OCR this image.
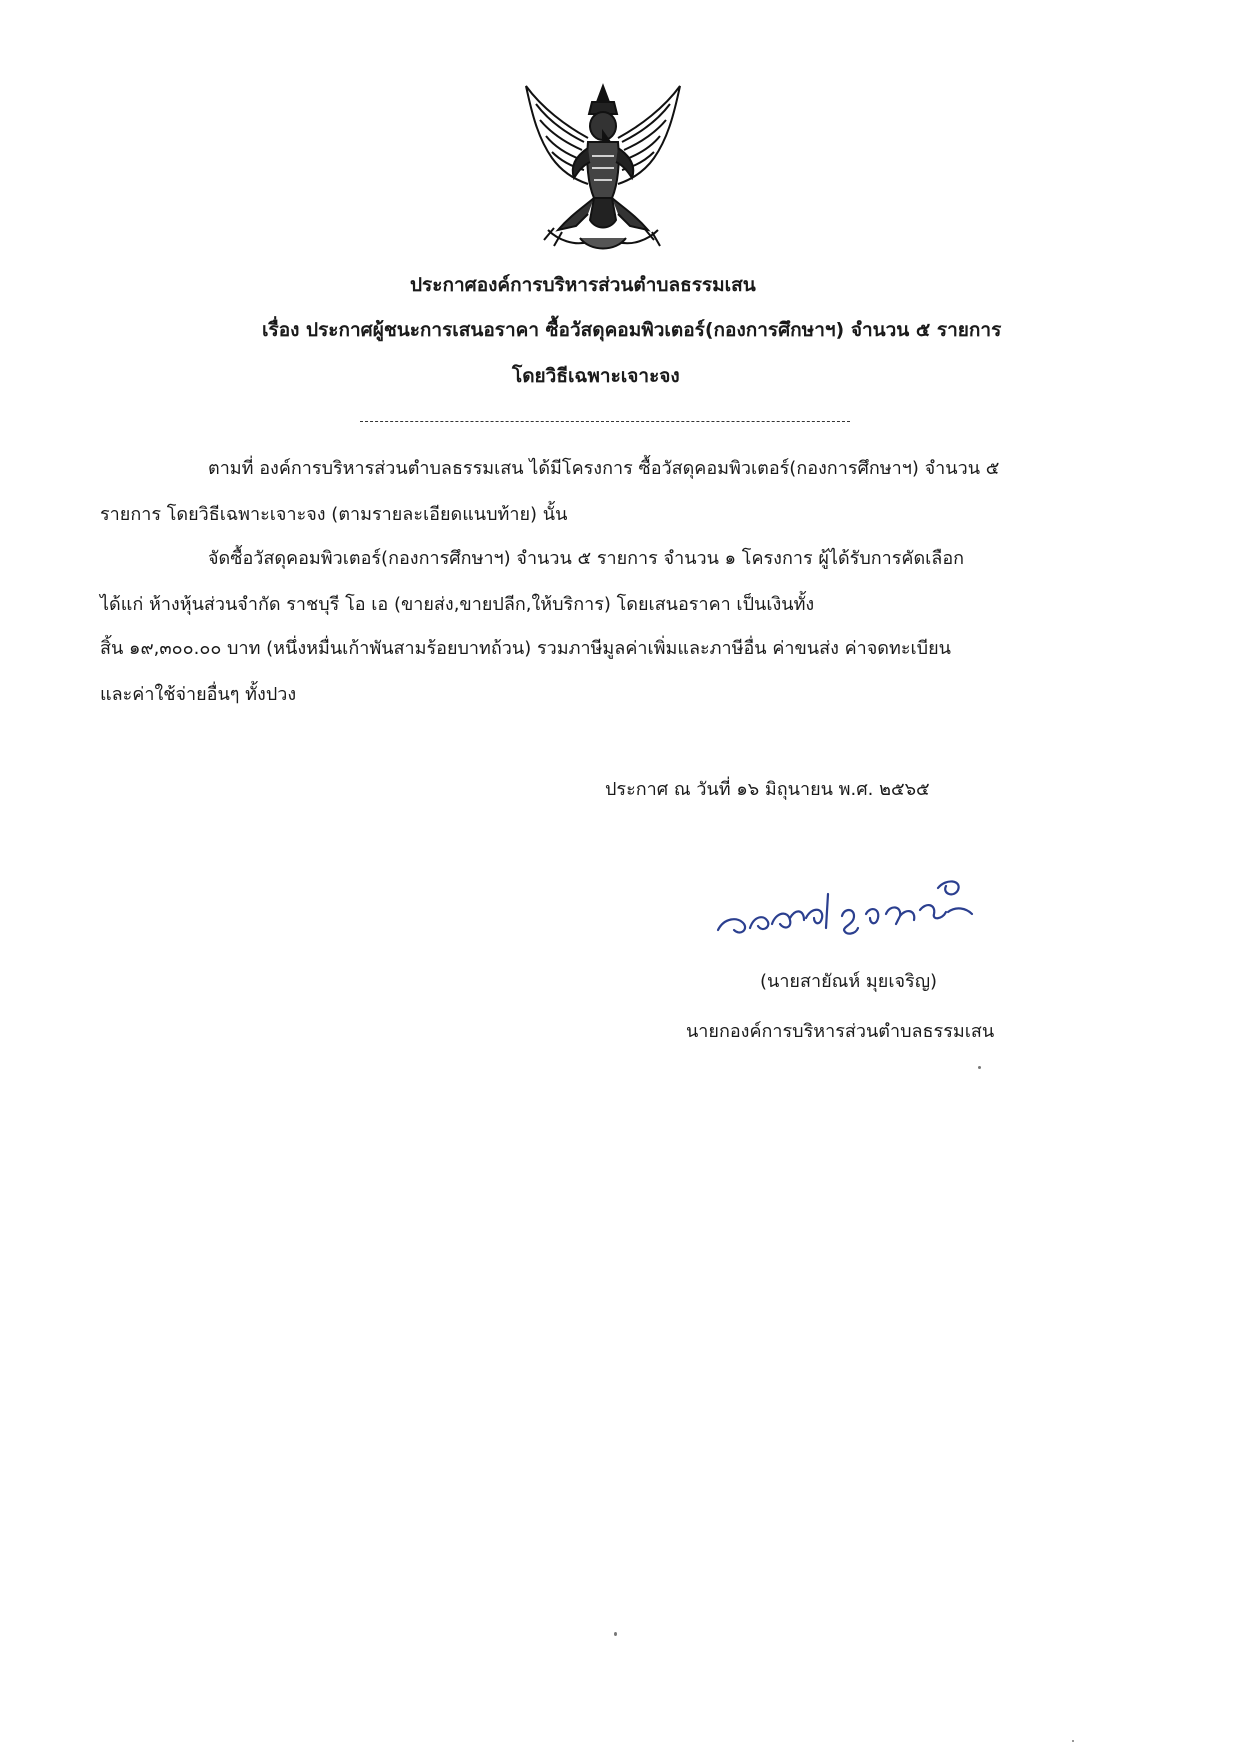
ประกาศองค์การบริหารส่วนตำบลธรรมเสน
เรื่อง ประกาศผู้ชนะการเสนอราคา ซื้อวัสดุคอมพิวเตอร์(กองการศึกษาฯ) จำนวน ๕ รายการ
โดยวิธีเฉพาะเจาะจง
ตามที่ องค์การบริหารส่วนตำบลธรรมเสน ได้มีโครงการ ซื้อวัสดุคอมพิวเตอร์(กองการศึกษาฯ) จำนวน ๕
รายการ โดยวิธีเฉพาะเจาะจง (ตามรายละเอียดแนบท้าย) นั้น
จัดซื้อวัสดุคอมพิวเตอร์(กองการศึกษาฯ) จำนวน ๕ รายการ จำนวน ๑ โครงการ ผู้ได้รับการคัดเลือก
ได้แก่ ห้างหุ้นส่วนจำกัด ราชบุรี โอ เอ (ขายส่ง,ขายปลีก,ให้บริการ) โดยเสนอราคา เป็นเงินทั้ง
สิ้น ๑๙,๓๐๐.๐๐ บาท (หนึ่งหมื่นเก้าพันสามร้อยบาทถ้วน) รวมภาษีมูลค่าเพิ่มและภาษีอื่น ค่าขนส่ง ค่าจดทะเบียน
และค่าใช้จ่ายอื่นๆ ทั้งปวง
ประกาศ ณ วันที่ ๑๖ มิถุนายน พ.ศ. ๒๕๖๕
(นายสายัณห์ มุยเจริญ)
นายกองค์การบริหารส่วนตำบลธรรมเสน
